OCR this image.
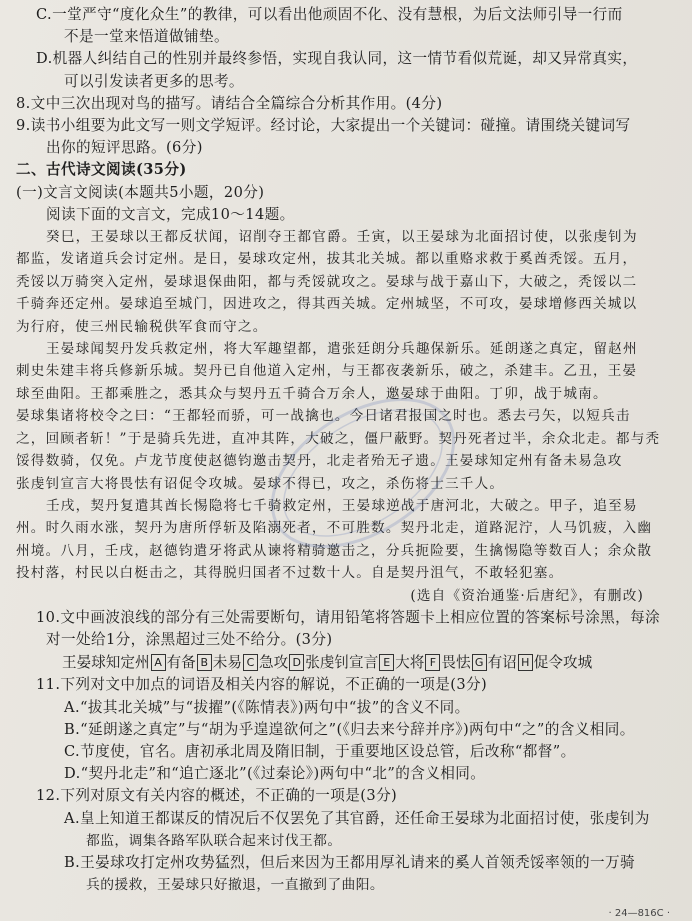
C.一堂严守“度化众生”的教律，可以看出他顽固不化、没有慧根，为后文法师引导一行而
不是一堂来悟道做铺垫。
D.机器人纠结自己的性别并最终参悟，实现自我认同，这一情节看似荒诞，却又异常真实，
可以引发读者更多的思考。
8.文中三次出现对鸟的描写。请结合全篇综合分析其作用。(4分)
9.读书小组要为此文写一则文学短评。经讨论，大家提出一个关键词：碰撞。请围绕关键词写
出你的短评思路。(6分)
二、古代诗文阅读(35分)
(一)文言文阅读(本题共5小题，20分)
阅读下面的文言文，完成10～14题。
癸巳，王晏球以王都反状闻，诏削夺王都官爵。壬寅，以王晏球为北面招讨使，以张虔钊为
都监，发诸道兵会讨定州。是日，晏球攻定州，拔其北关城。都以重赂求救于奚酋秃馁。五月，
秃馁以万骑突入定州，晏球退保曲阳，都与秃馁就攻之。晏球与战于嘉山下，大破之，秃馁以二
千骑奔还定州。晏球追至城门，因进攻之，得其西关城。定州城坚，不可攻，晏球增修西关城以
为行府，使三州民输税供军食而守之。
王晏球闻契丹发兵救定州，将大军趣望都，遣张廷朗分兵趣保新乐。延朗遂之真定，留赵州
刺史朱建丰将兵修新乐城。契丹已自他道入定州，与王都夜袭新乐，破之，杀建丰。乙丑，王晏
球至曲阳。王都乘胜之，悉其众与契丹五千骑合万余人，邀晏球于曲阳。丁卯，战于城南。
晏球集诸将校令之曰：“王都轻而骄，可一战擒也。今日诸君报国之时也。悉去弓矢，以短兵击
之，回顾者斩！”于是骑兵先进，直冲其阵，大破之，僵尸蔽野。契丹死者过半，余众北走。都与秃
馁得数骑，仅免。卢龙节度使赵德钧邀击契丹，北走者殆无孑遗。王晏球知定州有备未易急攻
张虔钊宣言大将畏怯有诏促令攻城。晏球不得已，攻之，杀伤将士三千人。
壬戌，契丹复遣其酋长惕隐将七千骑救定州，王晏球逆战于唐河北，大破之。甲子，追至易
州。时久雨水涨，契丹为唐所俘斩及陷溺死者，不可胜数。契丹北走，道路泥泞，人马饥疲，入幽
州境。八月，壬戌，赵德钧遣牙将武从谏将精骑邀击之，分兵扼险要，生擒惕隐等数百人；余众散
投村落，村民以白梃击之，其得脱归国者不过数十人。自是契丹沮气，不敢轻犯塞。
(选自《资治通鉴·后唐纪》，有删改)
10.文中画波浪线的部分有三处需要断句，请用铅笔将答题卡上相应位置的答案标号涂黑，每涂
对一处给1分，涂黑超过三处不给分。(3分)
王晏球知定州 A 有备 B 未易 C 急攻 D 张虔钊宣言 E 大将 F 畏怯 G 有诏 H 促令攻城
11.下列对文中加点的词语及相关内容的解说，不正确的一项是(3分)
A.“拔其北关城”与“拔擢”(《陈情表》)两句中“拔”的含义不同。
B.“延朗遂之真定”与“胡为乎遑遑欲何之”(《归去来兮辞并序》)两句中“之”的含义相同。
C.节度使，官名。唐初承北周及隋旧制，于重要地区设总管，后改称“都督”。
D.“契丹北走”和“追亡逐北”(《过秦论》)两句中“北”的含义相同。
12.下列对原文有关内容的概述，不正确的一项是(3分)
A.皇上知道王都谋反的情况后不仅罢免了其官爵，还任命王晏球为北面招讨使，张虔钊为
都监，调集各路军队联合起来讨伐王都。
B.王晏球攻打定州攻势猛烈，但后来因为王都用厚礼请来的奚人首领秃馁率领的一万骑
兵的援救，王晏球只好撤退，一直撤到了曲阳。
· 24—816C ·
